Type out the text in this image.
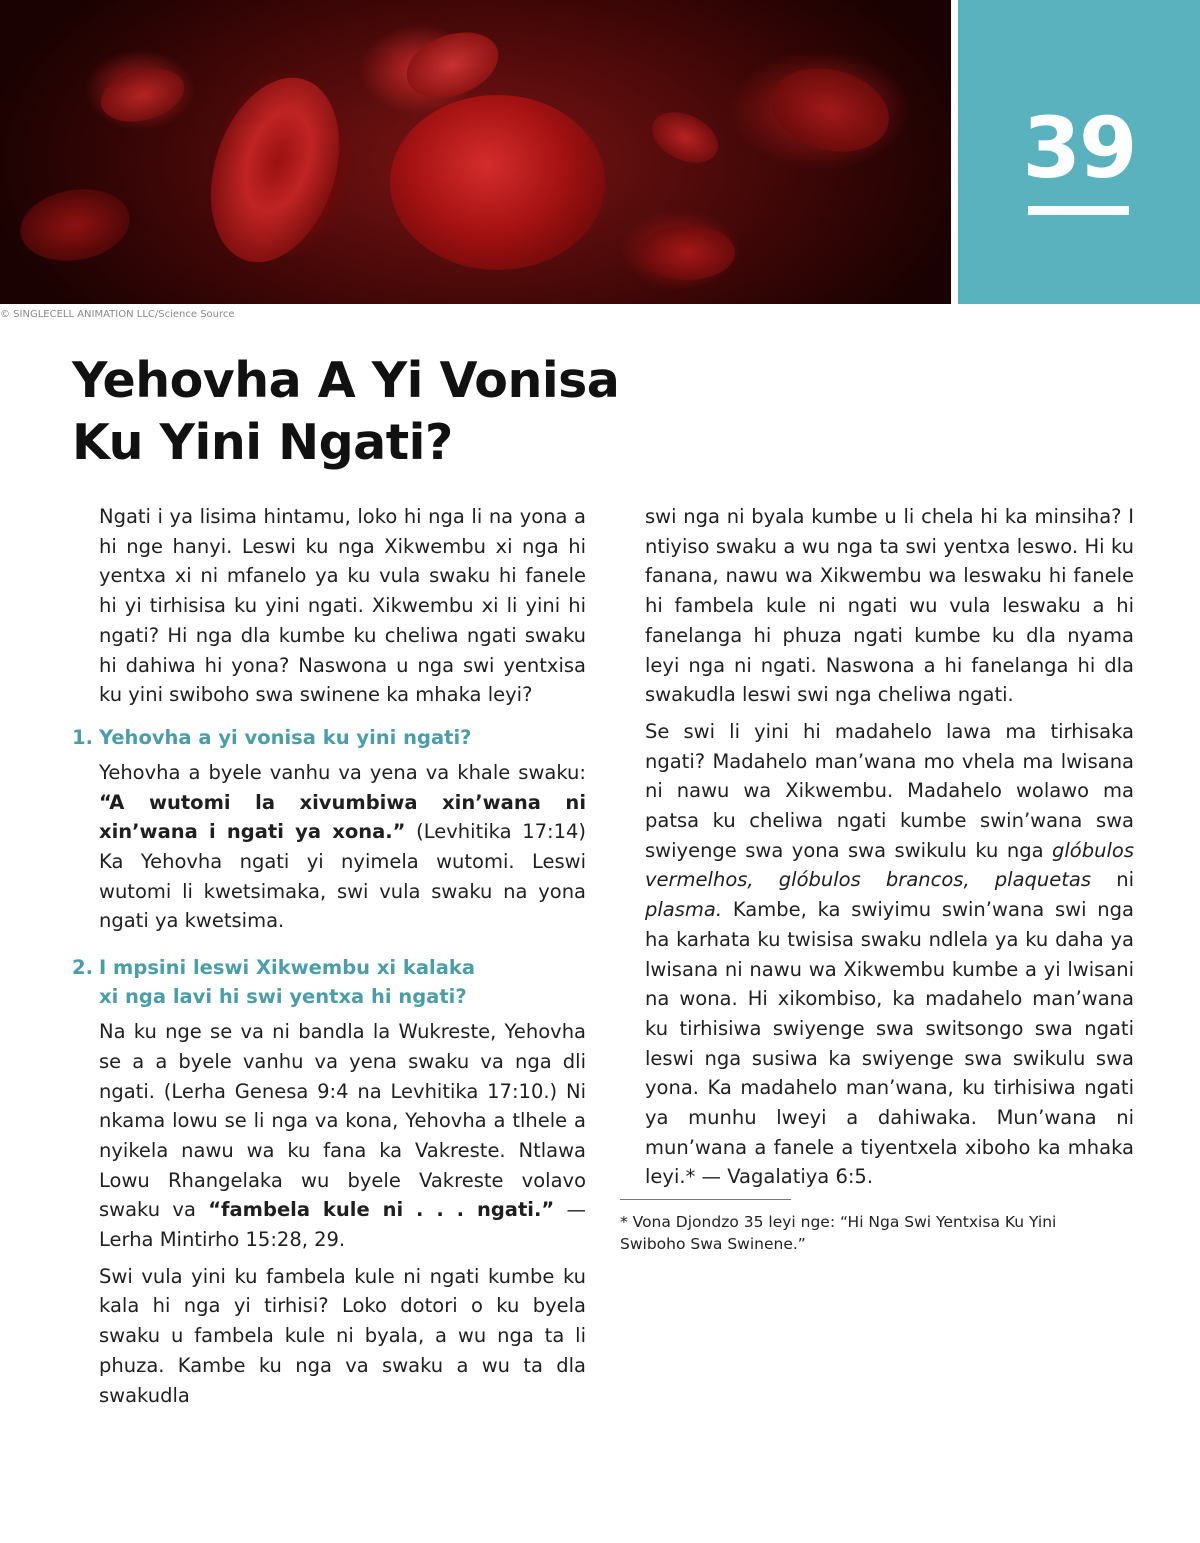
39
© SINGLECELL ANIMATION LLC/Science Source
Yehovha A Yi Vonisa
Ku Yini Ngati?

Ngati i ya lisima hintamu, loko hi nga li na yona a hi nge hanyi. Leswi ku nga Xikwembu xi nga hi yentxa xi ni mfanelo ya ku vula swaku hi fanele hi yi tirhisisa ku yini ngati. Xikwembu xi li yini hi ngati? Hi nga dla kumbe ku cheliwa ngati swaku hi dahiwa hi yona? Naswona u nga swi yentxisa ku yini swiboho swa swinene ka mhaka leyi?

1. Yehovha a yi vonisa ku yini ngati?

Yehovha a byele vanhu va yena va khale swaku: “A wutomi la xivumbiwa xin’wana ni xin’wana i ngati ya xona.” (Levhitika 17:14) Ka Yehovha ngati yi nyimela wutomi. Leswi wutomi li kwetsimaka, swi vula swaku na yona ngati ya kwetsima.

2. I mpsini leswi Xikwembu xi kalaka
xi nga lavi hi swi yentxa hi ngati?

Na ku nge se va ni bandla la Wukreste, Yehovha se a a byele vanhu va yena swaku va nga dli ngati. (Lerha Genesa 9:4 na Levhitika 17:10.) Ni nkama lowu se li nga va kona, Yehovha a tlhele a nyikela nawu wa ku fana ka Vakreste. Ntlawa Lowu Rhangelaka wu byele Vakreste volavo swaku va “fambela kule ni . . . ngati.” — Lerha Mintirho 15:28, 29.

Swi vula yini ku fambela kule ni ngati kumbe ku kala hi nga yi tirhisi? Loko dotori o ku byela swaku u fambela kule ni byala, a wu nga ta li phuza. Kambe ku nga va swaku a wu ta dla swakudla

swi nga ni byala kumbe u li chela hi ka minsiha? I ntiyiso swaku a wu nga ta swi yentxa leswo. Hi ku fanana, nawu wa Xikwembu wa leswaku hi fanele hi fambela kule ni ngati wu vula leswaku a hi fanelanga hi phuza ngati kumbe ku dla nyama leyi nga ni ngati. Naswona a hi fanelanga hi dla swakudla leswi swi nga cheliwa ngati.

Se swi li yini hi madahelo lawa ma tirhisaka ngati? Madahelo man’wana mo vhela ma lwisana ni nawu wa Xikwembu. Madahelo wolawo ma patsa ku cheliwa ngati kumbe swin’wana swa swiyenge swa yona swa swikulu ku nga glóbulos vermelhos, glóbulos brancos, plaquetas ni plasma. Kambe, ka swiyimu swin’wana swi nga ha karhata ku twisisa swaku ndlela ya ku daha ya lwisana ni nawu wa Xikwembu kumbe a yi lwisani na wona. Hi xikombiso, ka madahelo man’wana ku tirhisiwa swiyenge swa switsongo swa ngati leswi nga susiwa ka swiyenge swa swikulu swa yona. Ka madahelo man’wana, ku tirhisiwa ngati ya munhu lweyi a dahiwaka. Mun’wana ni mun’wana a fanele a tiyentxela xiboho ka mhaka leyi.* — Vagalatiya 6:5.

* Vona Djondzo 35 leyi nge: “Hi Nga Swi Yentxisa Ku Yini Swiboho Swa Swinene.”
